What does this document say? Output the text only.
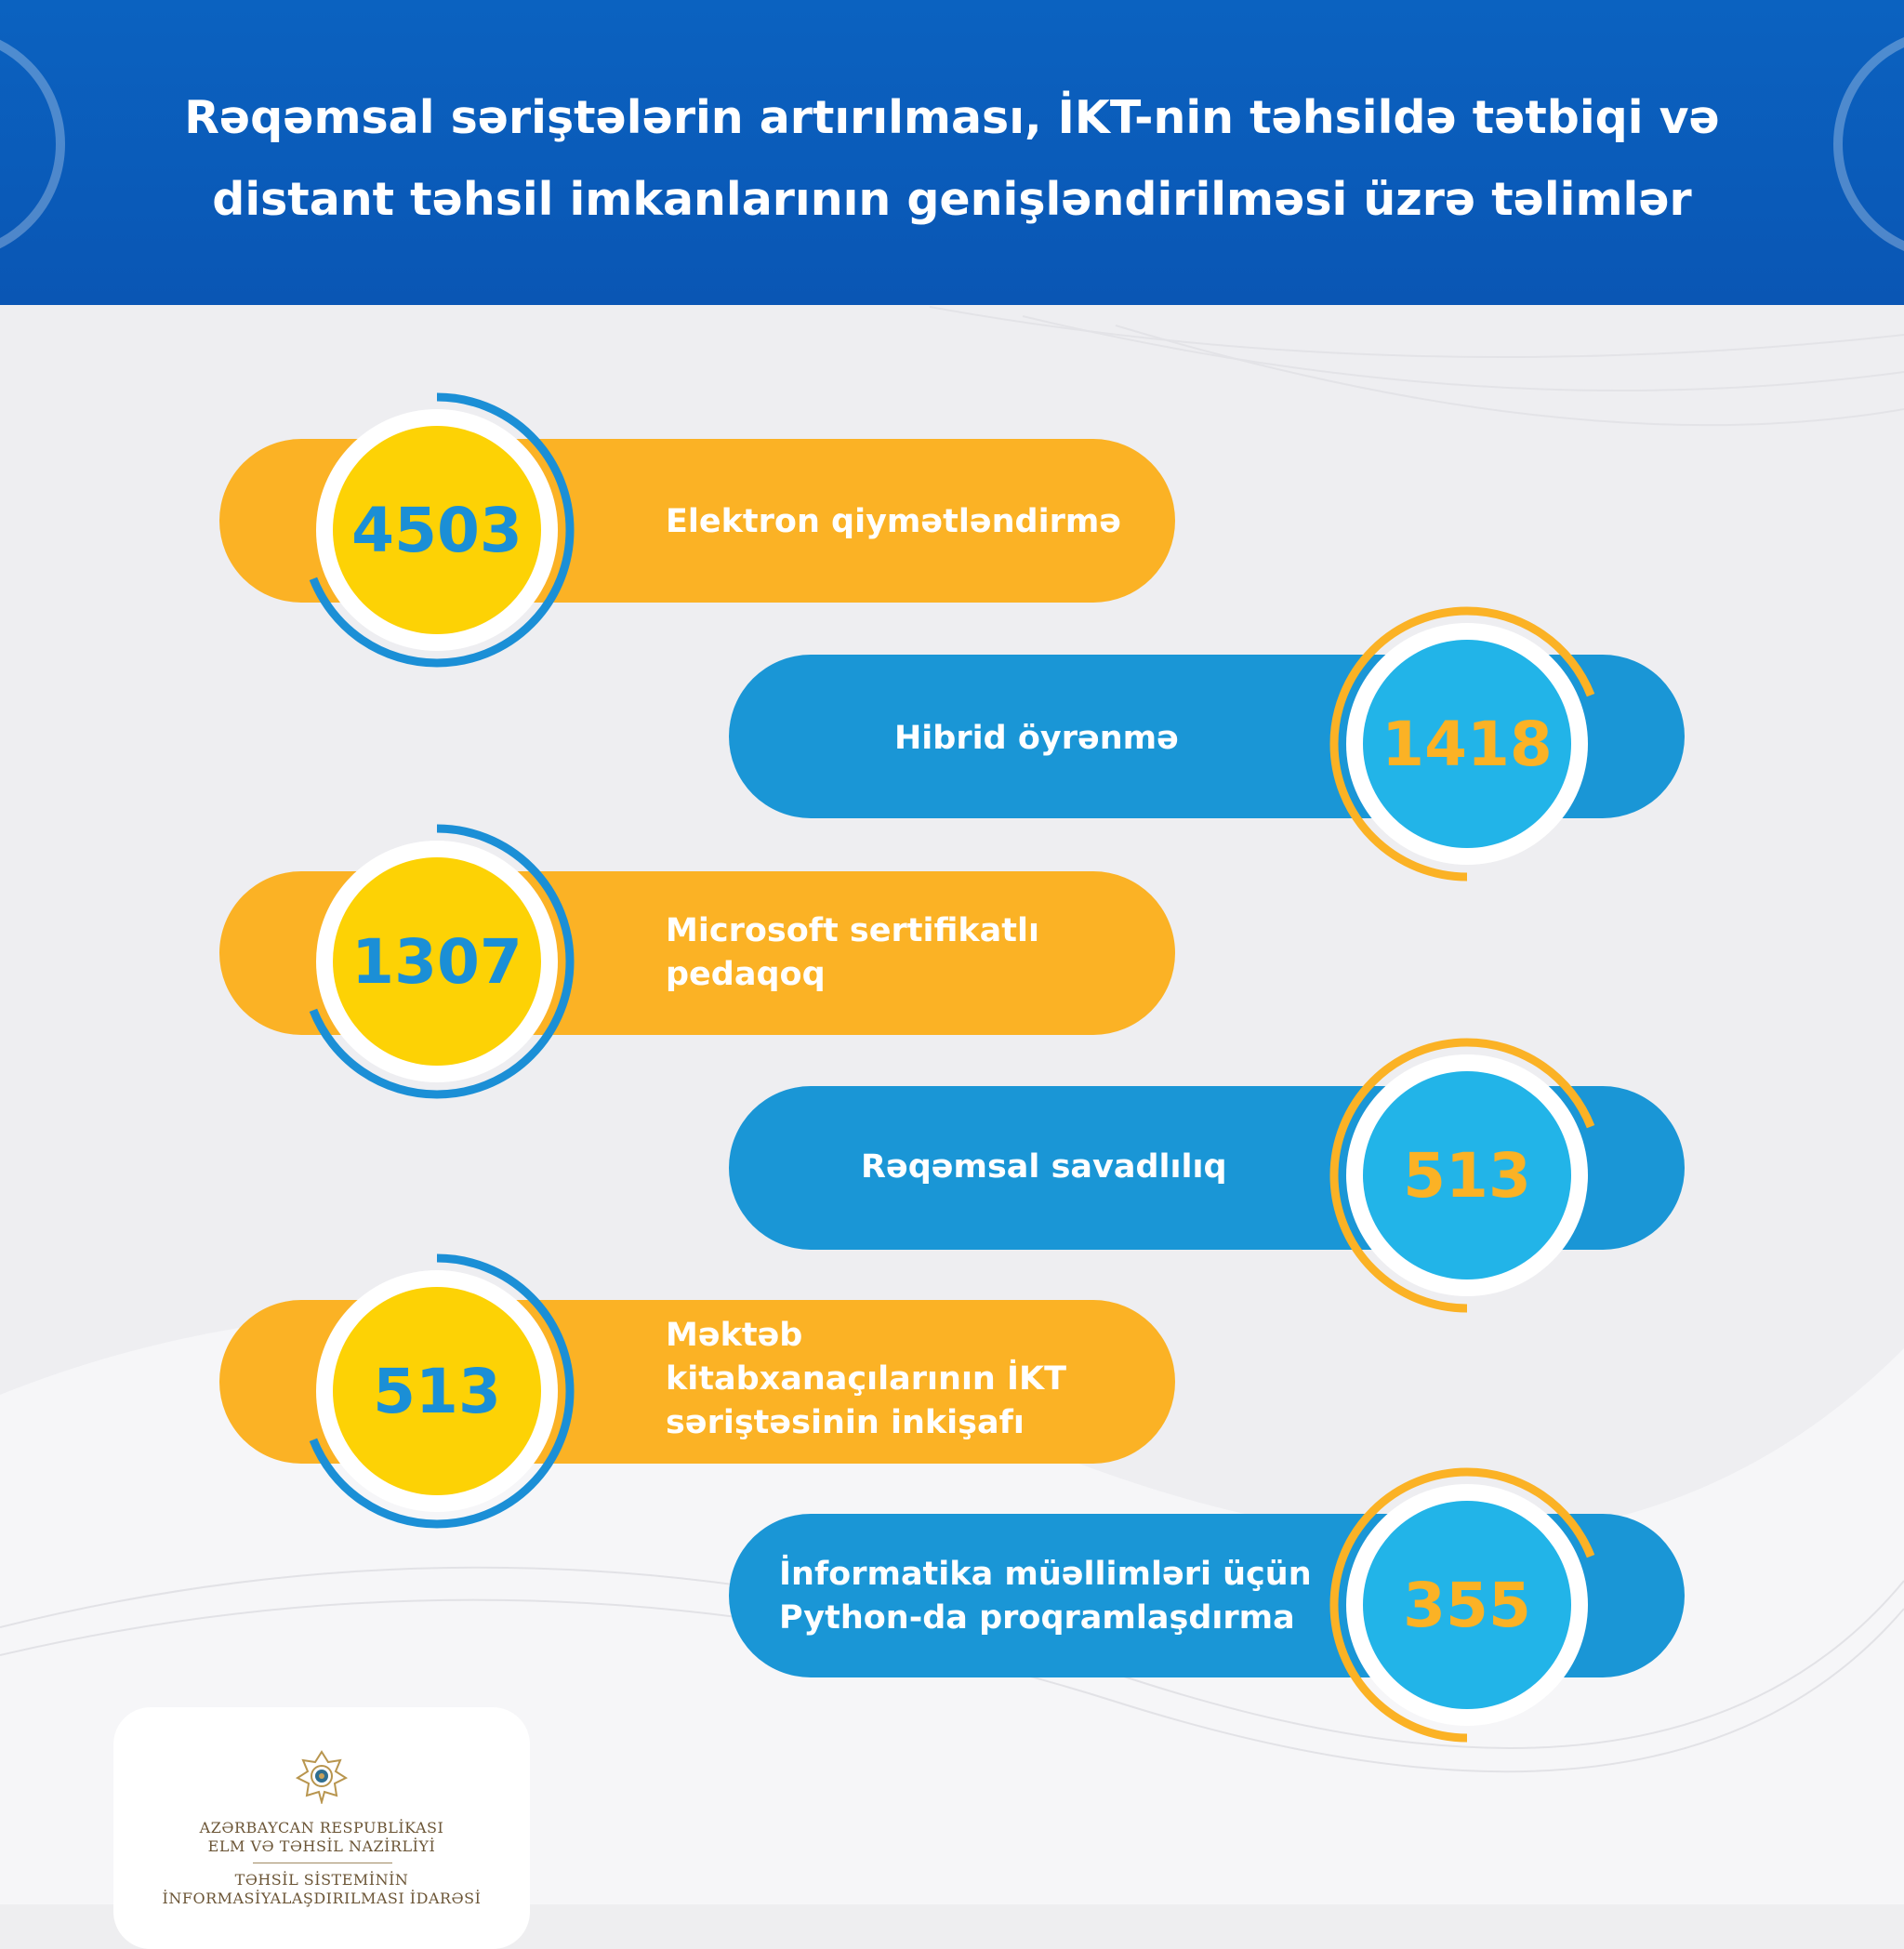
Rəqəmsal səriştələrin artırılması, İKT-nin təhsildə tətbiqi və
distant təhsil imkanlarının genişləndirilməsi üzrə təlimlər
Elektron qiymətləndirmə
4503
Hibrid öyrənmə	1418
Microsoft sertifikatlı
pedaqoq
1307
Rəqəmsal savadlılıq	513
Məktəb
kitabxanaçılarının İKT
səriştəsinin inkişafı
513
İnformatika müəllimləri üçün
Python-da proqramlaşdırma	355
AZƏRBAYCAN RESPUBLİKASI
ELM VƏ TƏHSİL NAZİRLİYİ
TƏHSİL SİSTEMİNİN
İNFORMASİYALAŞDIRILMASI İDARƏSİ
